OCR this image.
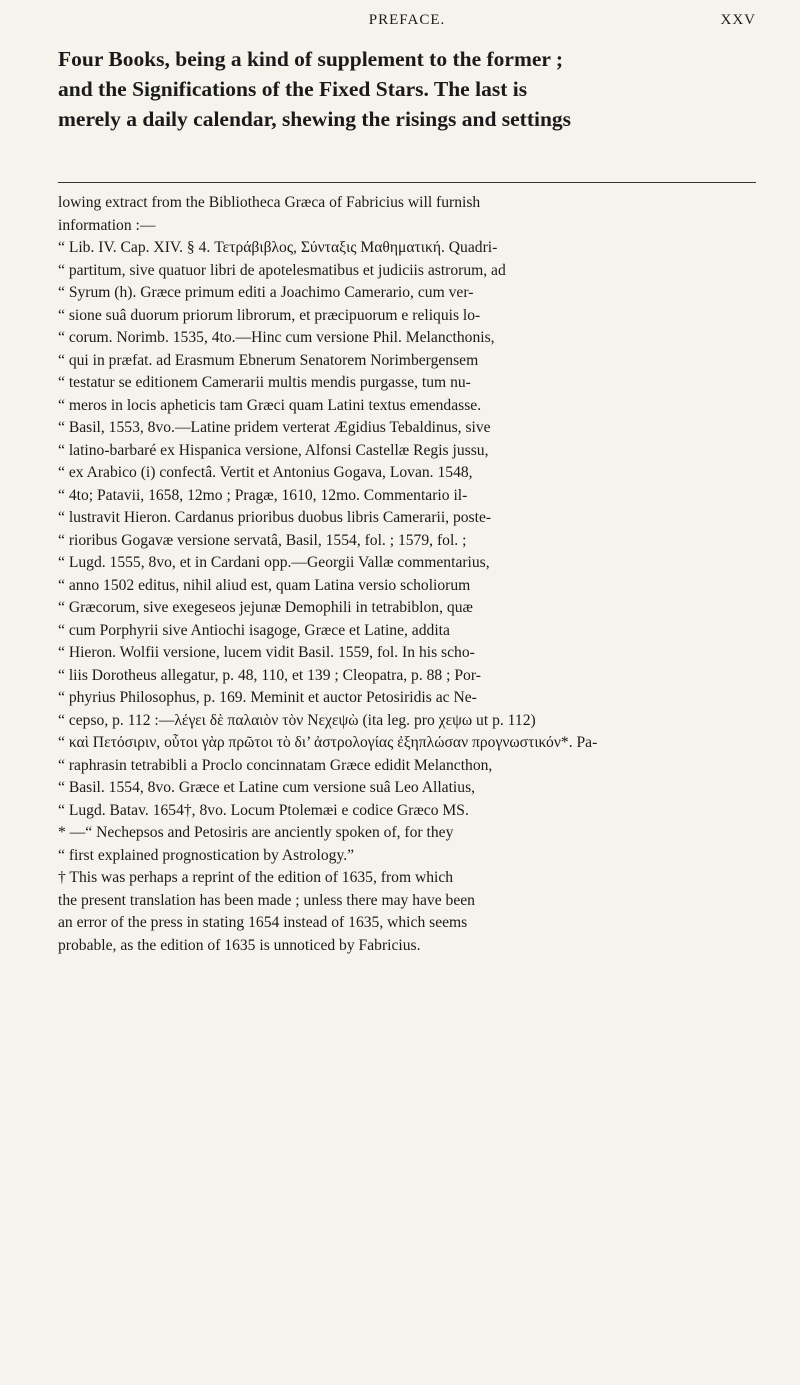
PREFACE.	XXV
Four Books, being a kind of supplement to the former ;
and the Significations of the Fixed Stars. The last is
merely a daily calendar, shewing the risings and settings
lowing extract from the Bibliotheca Græca of Fabricius will furnish
information :—
“ Lib. IV. Cap. XIV. § 4. Τετράβιβλος, Σύνταξις Μαθηματική. Quadri-
“ partitum, sive quatuor libri de apotelesmatibus et judiciis astrorum, ad
“ Syrum (h). Græce primum editi a Joachimo Camerario, cum ver-
“ sione suâ duorum priorum librorum, et præcipuorum e reliquis lo-
“ corum. Norimb. 1535, 4to.—Hinc cum versione Phil. Melancthonis,
“ qui in præfat. ad Erasmum Ebnerum Senatorem Norimbergensem
“ testatur se editionem Camerarii multis mendis purgasse, tum nu-
“ meros in locis apheticis tam Græci quam Latini textus emendasse.
“ Basil, 1553, 8vo.—Latine pridem verterat Ægidius Tebaldinus, sive
“ latino-barbaré ex Hispanica versione, Alfonsi Castellæ Regis jussu,
“ ex Arabico (i) confectâ. Vertit et Antonius Gogava, Lovan. 1548,
“ 4to; Patavii, 1658, 12mo ; Pragæ, 1610, 12mo. Commentario il-
“ lustravit Hieron. Cardanus prioribus duobus libris Camerarii, poste-
“ rioribus Gogavæ versione servatâ, Basil, 1554, fol. ; 1579, fol. ;
“ Lugd. 1555, 8vo, et in Cardani opp.—Georgii Vallæ commentarius,
“ anno 1502 editus, nihil aliud est, quam Latina versio scholiorum
“ Græcorum, sive exegeseos jejunæ Demophili in tetrabiblon, quæ
“ cum Porphyrii sive Antiochi isagoge, Græce et Latine, addita
“ Hieron. Wolfii versione, lucem vidit Basil. 1559, fol. In his scho-
“ liis Dorotheus allegatur, p. 48, 110, et 139 ; Cleopatra, p. 88 ; Por-
“ phyrius Philosophus, p. 169. Meminit et auctor Petosiridis ac Ne-
“ cepso, p. 112 :—λέγει δὲ παλαιὸν τὸν Νεχεψὼ (ita leg. pro χεψω ut p. 112)
“ καὶ Πετόσιριν, οὗτοι γὰρ πρῶτοι τὸ δι’ ἀστρολογίας ἐξηπλώσαν προγνωστικόν*. Pa-
“ raphrasin tetrabibli a Proclo concinnatam Græce edidit Melancthon,
“ Basil. 1554, 8vo. Græce et Latine cum versione suâ Leo Allatius,
“ Lugd. Batav. 1654†, 8vo. Locum Ptolemæi e codice Græco MS.
* —“ Nechepsos and Petosiris are anciently spoken of, for they
“ first explained prognostication by Astrology.”
† This was perhaps a reprint of the edition of 1635, from which
the present translation has been made ; unless there may have been
an error of the press in stating 1654 instead of 1635, which seems
probable, as the edition of 1635 is unnoticed by Fabricius.
